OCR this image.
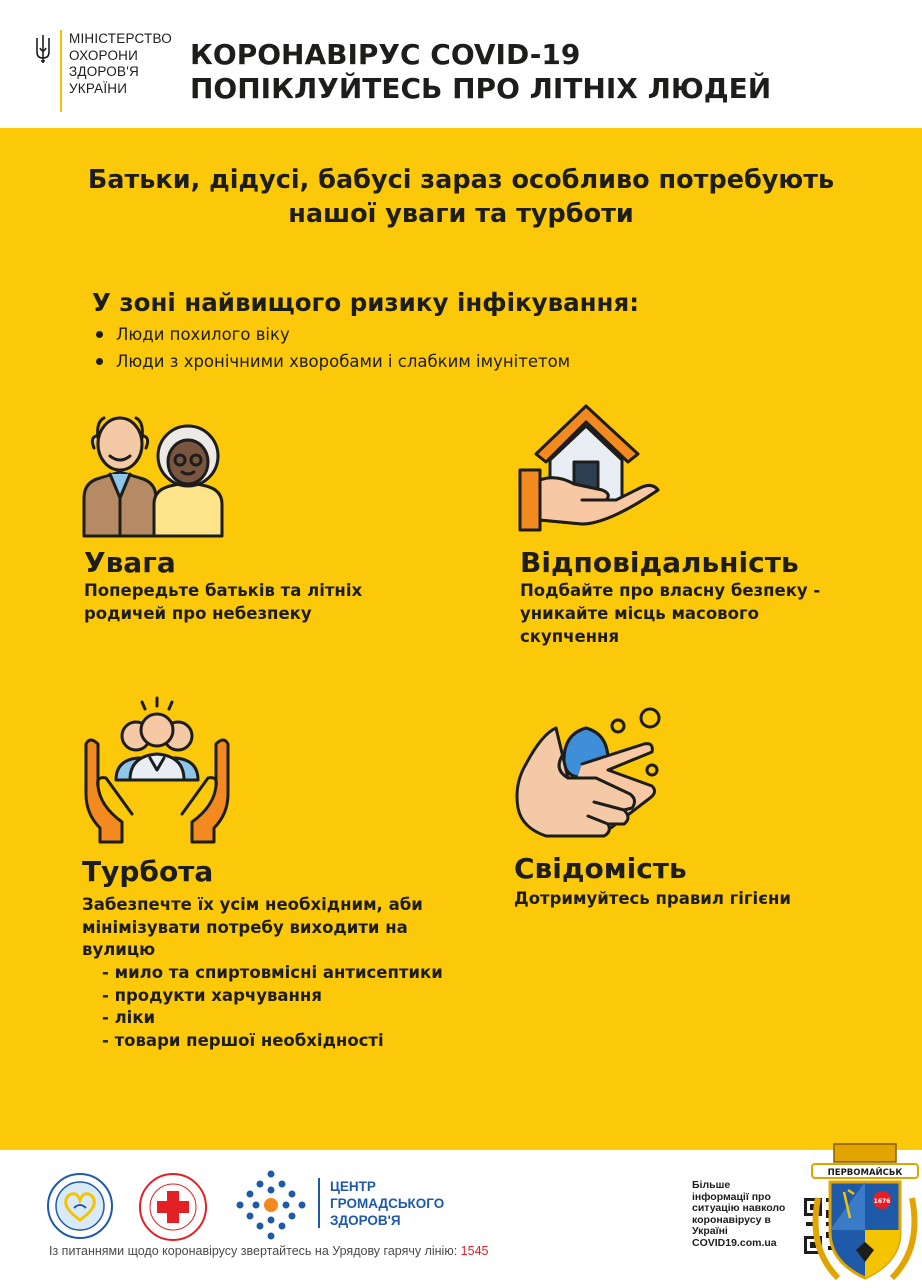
МІНІСТЕРСТВО
ОХОРОНИ
ЗДОРОВ'Я
УКРАЇНИ
КОРОНАВІРУС COVID-19
ПОПІКЛУЙТЕСЬ ПРО ЛІТНІХ ЛЮДЕЙ
Батьки, дідусі, бабусі зараз особливо потребують
нашої уваги та турботи
У зоні найвищого ризику інфікування:
Люди похилого віку
Люди з хронічними хворобами і слабким імунітетом
Увага
Попередьте батьків та літніх
родичей про небезпеку
Відповідальність
Подбайте про власну безпеку -
уникайте місць масового
скупчення
Турбота
Забезпечте їх усім необхідним, аби
мінімізувати потребу виходити на
вулицю
- мило та спиртовмісні антисептики
- продукти харчування
- ліки
- товари першої необхідності
Свідомість
Дотримуйтесь правил гігієни
ЦЕНТР
ГРОМАДСЬКОГО
ЗДОРОВ'Я
Із питаннями щодо коронавірусу звертайтесь на Урядову гарячу лінію: 1545
Більше
інформації про
ситуацію навколо
коронавірусу в
Україні
COVID19.com.ua
ПЕРВОМАЙСЬК
1676
